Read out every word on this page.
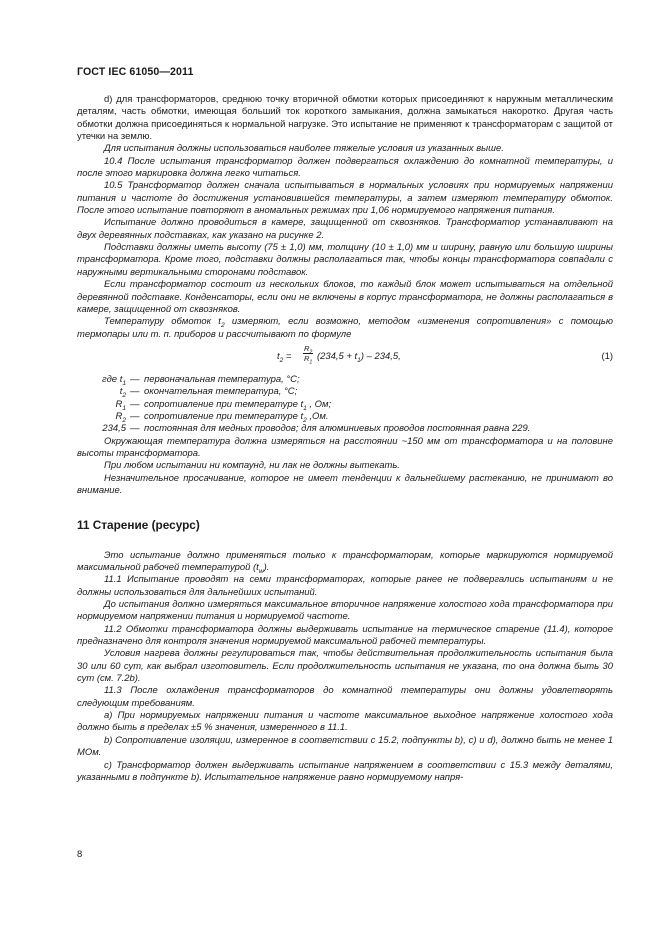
ГОСТ IEC 61050—2011

d) для трансформаторов, среднюю точку вторичной обмотки которых присоединяют к наружным металлическим деталям, часть обмотки, имеющая больший ток короткого замыкания, должна замыкаться накоротко. Другая часть обмотки должна присоединяться к нормальной нагрузке. Это испытание не применяют к трансформаторам с защитой от утечки на землю.

Для испытания должны использоваться наиболее тяжелые условия из указанных выше.

10.4 После испытания трансформатор должен подвергаться охлаждению до комнатной температуры, и после этого маркировка должна легко читаться.

10.5 Трансформатор должен сначала испытываться в нормальных условиях при нормируемых напряжении питания и частоте до достижения установившейся температуры, а затем измеряют температуру обмоток. После этого испытание повторяют в аномальных режимах при 1,06 нормируемого напряжения питания.

Испытание должно проводиться в камере, защищенной от сквозняков. Трансформатор устанавливают на двух деревянных подставках, как указано на рисунке 2.

Подставки должны иметь высоту (75 ± 1,0) мм, толщину (10 ± 1,0) мм и ширину, равную или большую ширины трансформатора. Кроме того, подставки должны располагаться так, чтобы концы трансформатора совпадали с наружными вертикальными сторонами подставок.

Если трансформатор состоит из нескольких блоков, то каждый блок может испытываться на отдельной деревянной подставке. Конденсаторы, если они не включены в корпус трансформатора, не должны располагаться в камере, защищенной от сквозняков.

Температуру обмоток $t_2$ измеряют, если возможно, методом «изменения сопротивления» с помощью термопары или т. п. приборов и рассчитывают по формуле

$t_2 = \frac{R_2}{R_1} (234,5 + t_1) - 234,5$,	(1)
где $t_1$ — первоначальная температура, °С;
$t_2$ — окончательная температура, °С;
$R_1$ — сопротивление при температуре $t_1$ , Ом;
$R_2$ — сопротивление при температуре $t_2$ ,Ом.
234,5 — постоянная для медных проводов; для алюминиевых проводов постоянная равна 229.

Окружающая температура должна измеряться на расстоянии ~150 мм от трансформатора и на половине высоты трансформатора.

При любом испытании ни компаунд, ни лак не должны вытекать.

Незначительное просачивание, которое не имеет тенденции к дальнейшему растеканию, не принимают во внимание.

11 Старение (ресурс)

Это испытание должно применяться только к трансформаторам, которые маркируются нормируемой максимальной рабочей температурой $(t_w)$.

11.1 Испытание проводят на семи трансформаторах, которые ранее не подвергались испытаниям и не должны использоваться для дальнейших испытаний.

До испытания должно измеряться максимальное вторичное напряжение холостого хода трансформатора при нормируемом напряжении питания и нормируемой частоте.

11.2 Обмотки трансформатора должны выдерживать испытание на термическое старение (11.4), которое предназначено для контроля значения нормируемой максимальной рабочей температуры.

Условия нагрева должны регулироваться так, чтобы действительная продолжительность испытания была 30 или 60 сут, как выбрал изготовитель. Если продолжительность испытания не указана, то она должна быть 30 сут (см. 7.2b).

11.3 После охлаждения трансформаторов до комнатной температуры они должны удовлетворять следующим требованиям.

а) При нормируемых напряжении питания и частоте максимальное выходное напряжение холостого хода должно быть в пределах ±5 % значения, измеренного в 11.1.

b) Сопротивление изоляции, измеренное в соответствии с 15.2, подпункты b), c) и d), должно быть не менее 1 МОм.

c) Трансформатор должен выдерживать испытание напряжением в соответствии с 15.3 между деталями, указанными в подпункте b). Испытательное напряжение равно нормируемому напря-

8
